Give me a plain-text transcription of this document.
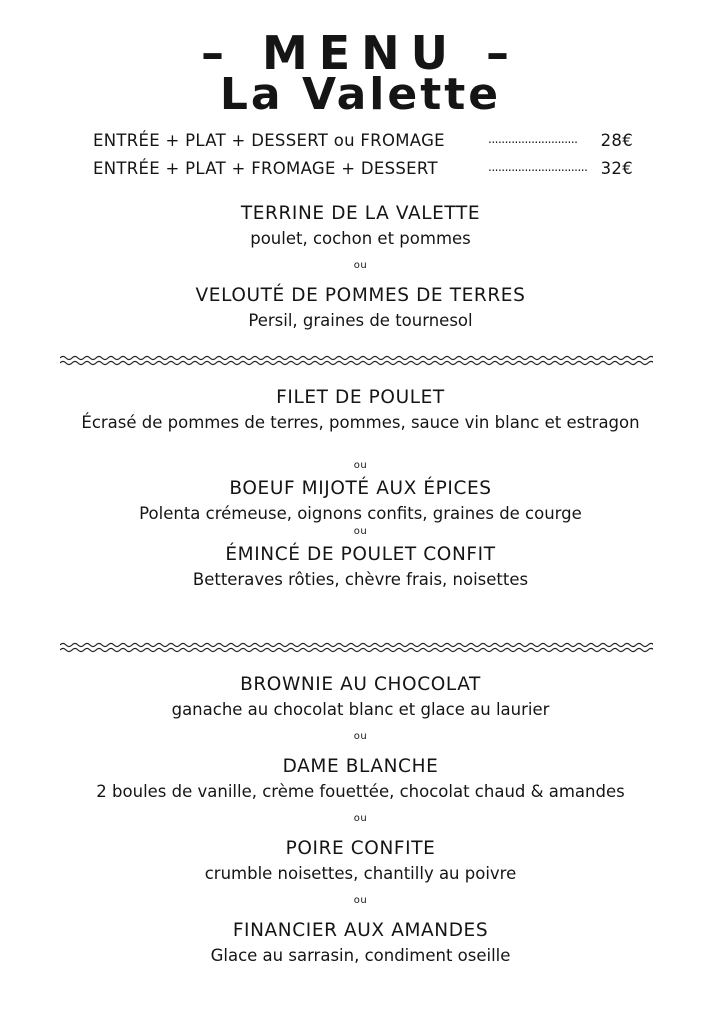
– MENU –
La Valette
ENTRÉE + PLAT + DESSERT ou FROMAGE	........................... 28€
ENTRÉE + PLAT + FROMAGE + DESSERT	.............................. 32€
TERRINE DE LA VALETTE
poulet, cochon et pommes
ou
VELOUTÉ DE POMMES DE TERRES
Persil, graines de tournesol
FILET DE POULET
Écrasé de pommes de terres, pommes, sauce vin blanc et estragon
ou
BOEUF MIJOTÉ AUX ÉPICES
Polenta crémeuse, oignons confits, graines de courge
ou
ÉMINCÉ DE POULET CONFIT
Betteraves rôties, chèvre frais, noisettes
BROWNIE AU CHOCOLAT
ganache au chocolat blanc et glace au laurier
ou
DAME BLANCHE
2 boules de vanille, crème fouettée, chocolat chaud & amandes
ou
POIRE CONFITE
crumble noisettes, chantilly au poivre
ou
FINANCIER AUX AMANDES
Glace au sarrasin, condiment oseille
